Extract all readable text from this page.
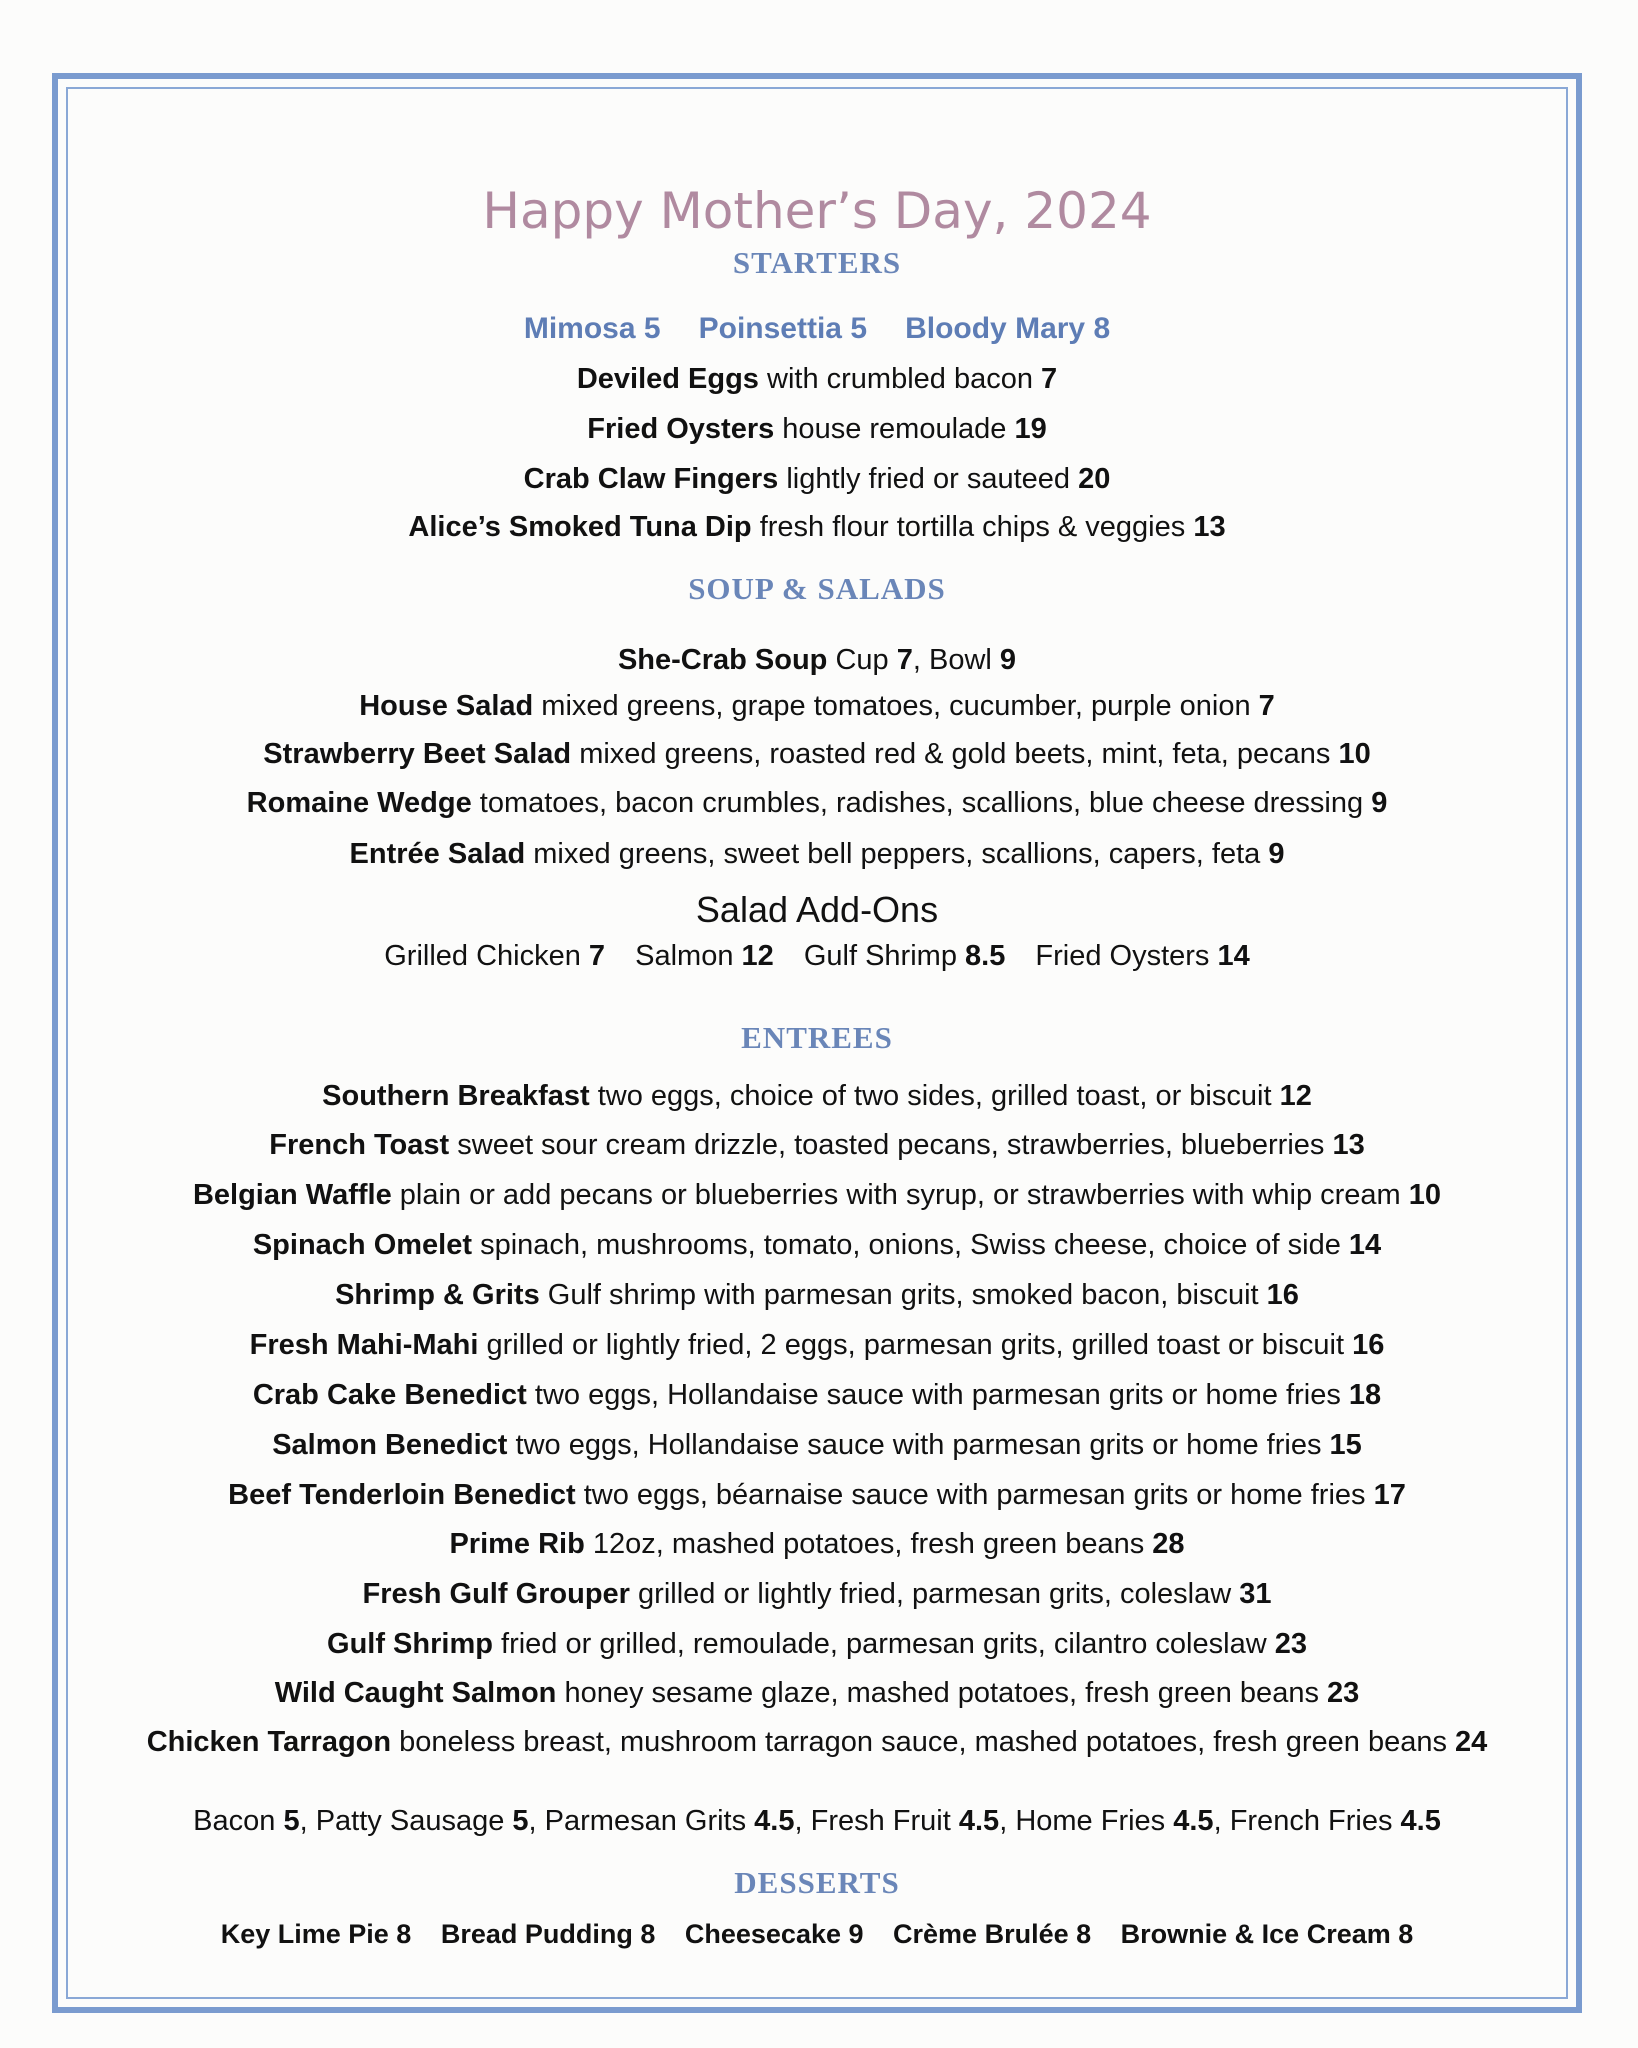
Happy Mother’s Day, 2024
STARTERS
Mimosa 5 Poinsettia 5 Bloody Mary 8
Deviled Eggs with crumbled bacon 7
Fried Oysters house remoulade 19
Crab Claw Fingers lightly fried or sauteed 20
Alice’s Smoked Tuna Dip fresh flour tortilla chips & veggies 13
SOUP & SALADS
She-Crab Soup Cup 7, Bowl 9
House Salad mixed greens, grape tomatoes, cucumber, purple onion 7
Strawberry Beet Salad mixed greens, roasted red & gold beets, mint, feta, pecans 10
Romaine Wedge tomatoes, bacon crumbles, radishes, scallions, blue cheese dressing 9
Entrée Salad mixed greens, sweet bell peppers, scallions, capers, feta 9
Salad Add-Ons
Grilled Chicken 7 Salmon 12 Gulf Shrimp 8.5 Fried Oysters 14
ENTREES
Southern Breakfast two eggs, choice of two sides, grilled toast, or biscuit 12
French Toast sweet sour cream drizzle, toasted pecans, strawberries, blueberries 13
Belgian Waffle plain or add pecans or blueberries with syrup, or strawberries with whip cream 10
Spinach Omelet spinach, mushrooms, tomato, onions, Swiss cheese, choice of side 14
Shrimp & Grits Gulf shrimp with parmesan grits, smoked bacon, biscuit 16
Fresh Mahi-Mahi grilled or lightly fried, 2 eggs, parmesan grits, grilled toast or biscuit 16
Crab Cake Benedict two eggs, Hollandaise sauce with parmesan grits or home fries 18
Salmon Benedict two eggs, Hollandaise sauce with parmesan grits or home fries 15
Beef Tenderloin Benedict two eggs, béarnaise sauce with parmesan grits or home fries 17
Prime Rib 12oz, mashed potatoes, fresh green beans 28
Fresh Gulf Grouper grilled or lightly fried, parmesan grits, coleslaw 31
Gulf Shrimp fried or grilled, remoulade, parmesan grits, cilantro coleslaw 23
Wild Caught Salmon honey sesame glaze, mashed potatoes, fresh green beans 23
Chicken Tarragon boneless breast, mushroom tarragon sauce, mashed potatoes, fresh green beans 24
Bacon 5, Patty Sausage 5, Parmesan Grits 4.5, Fresh Fruit 4.5, Home Fries 4.5, French Fries 4.5
DESSERTS
Key Lime Pie 8 Bread Pudding 8 Cheesecake 9 Crème Brulée 8 Brownie & Ice Cream 8
